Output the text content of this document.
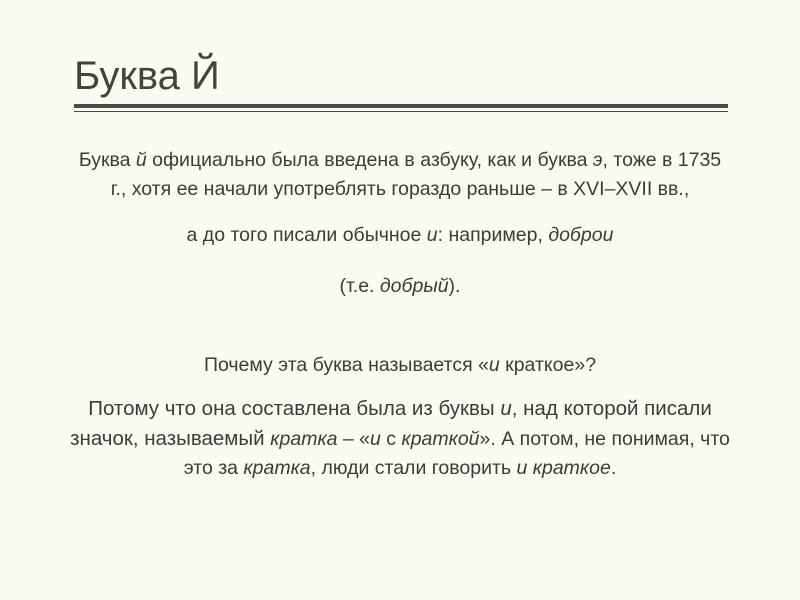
Буква Й

Буква й официально была введена в азбуку, как и буква э, тоже в 1735 г., хотя ее начали употреблять гораздо раньше – в XVI–XVII вв.,

а до того писали обычное и: например, доброи

(т.е. добрый).

Почему эта буква называется «и краткое»?

Потому что она составлена была из буквы и, над которой писали значок, называемый кратка – «и с краткой». А потом, не понимая, что это за кратка, люди стали говорить и краткое.
